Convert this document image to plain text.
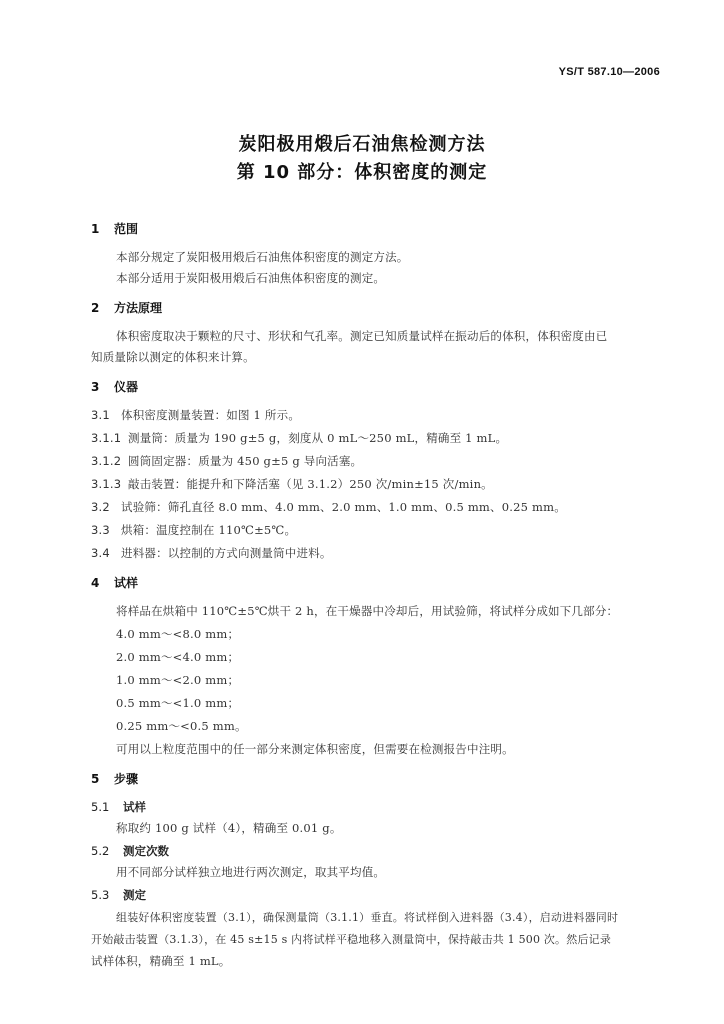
YS/T 587.10—2006
炭阳极用煅后石油焦检测方法
第 10 部分：体积密度的测定
1 范围
本部分规定了炭阳极用煅后石油焦体积密度的测定方法。
本部分适用于炭阳极用煅后石油焦体积密度的测定。
2 方法原理
体积密度取决于颗粒的尺寸、形状和气孔率。测定已知质量试样在振动后的体积，体积密度由已
知质量除以测定的体积来计算。
3 仪器
3.1 体积密度测量装置：如图 1 所示。
3.1.1 测量筒：质量为 190 g±5 g，刻度从 0 mL～250 mL，精确至 1 mL。
3.1.2 圆筒固定器：质量为 450 g±5 g 导向活塞。
3.1.3 敲击装置：能提升和下降活塞（见 3.1.2）250 次/min±15 次/min。
3.2 试验筛：筛孔直径 8.0 mm、4.0 mm、2.0 mm、1.0 mm、0.5 mm、0.25 mm。
3.3 烘箱：温度控制在 110℃±5℃。
3.4 进料器：以控制的方式向测量筒中进料。
4 试样
将样品在烘箱中 110℃±5℃烘干 2 h，在干燥器中冷却后，用试验筛，将试样分成如下几部分：
4.0 mm～<8.0 mm；
2.0 mm～<4.0 mm；
1.0 mm～<2.0 mm；
0.5 mm～<1.0 mm；
0.25 mm～<0.5 mm。
可用以上粒度范围中的任一部分来测定体积密度，但需要在检测报告中注明。
5 步骤
5.1 试样
称取约 100 g 试样（4），精确至 0.01 g。
5.2 测定次数
用不同部分试样独立地进行两次测定，取其平均值。
5.3 测定
组装好体积密度装置（3.1），确保测量筒（3.1.1）垂直。将试样倒入进料器（3.4），启动进料器同时
开始敲击装置（3.1.3），在 45 s±15 s 内将试样平稳地移入测量筒中，保持敲击共 1 500 次。然后记录
试样体积，精确至 1 mL。
